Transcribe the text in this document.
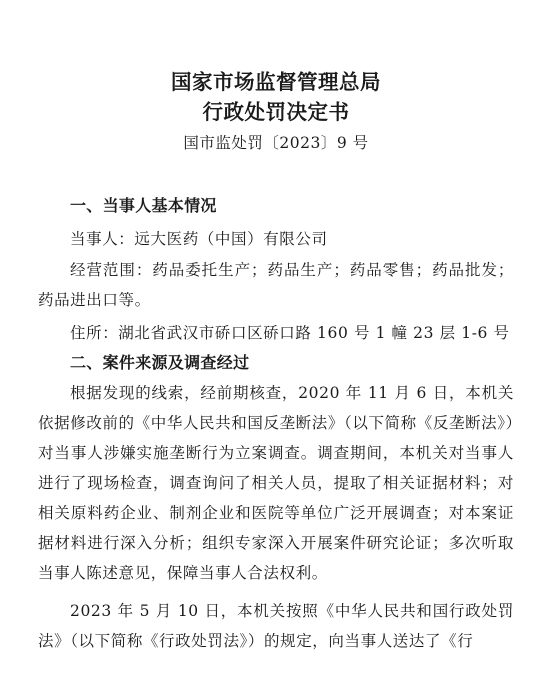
国家市场监督管理总局
行政处罚决定书
国市监处罚〔2023〕9 号
一、当事人基本情况
当事人：远大医药（中国）有限公司
经营范围：药品委托生产；药品生产；药品零售；药品批发；药品进出口等。
住所：湖北省武汉市硚口区硚口路 160 号 1 幢 23 层 1-6 号
二、案件来源及调查经过
根据发现的线索，经前期核查，2020 年 11 月 6 日，本机关依据修改前的《中华人民共和国反垄断法》（以下简称《反垄断法》）对当事人涉嫌实施垄断行为立案调查。调查期间，本机关对当事人进行了现场检查，调查询问了相关人员，提取了相关证据材料；对相关原料药企业、制剂企业和医院等单位广泛开展调查；对本案证据材料进行深入分析；组织专家深入开展案件研究论证；多次听取当事人陈述意见，保障当事人合法权利。
2023 年 5 月 10 日，本机关按照《中华人民共和国行政处罚法》（以下简称《行政处罚法》）的规定，向当事人送达了《行
